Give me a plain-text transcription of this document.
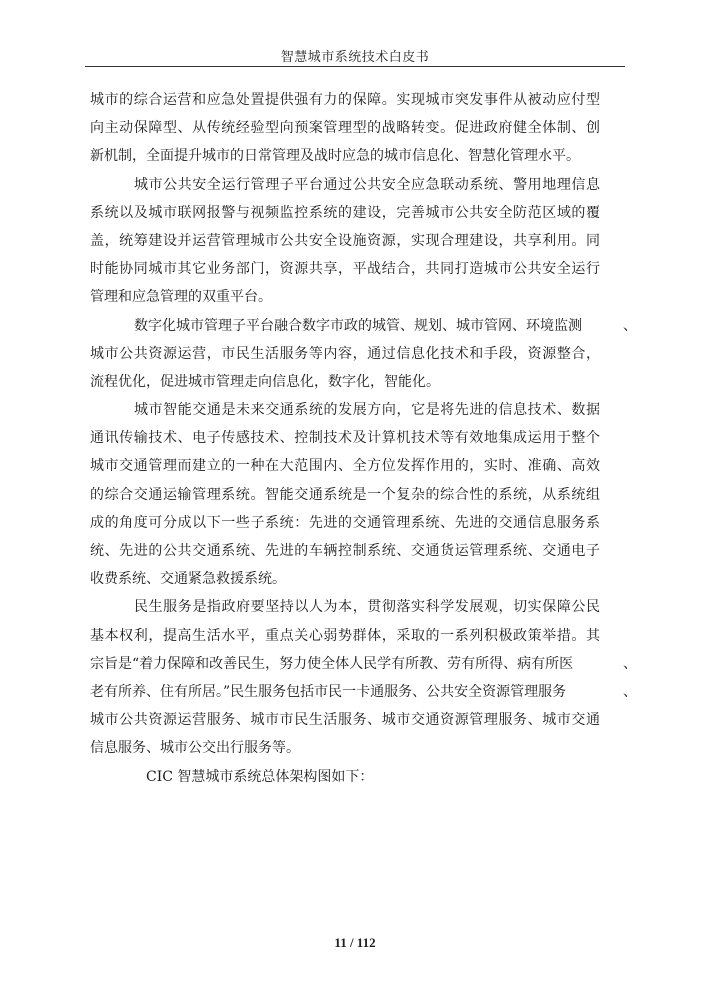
智慧城市系统技术白皮书
城市的综合运营和应急处置提供强有力的保障。实现城市突发事件从被动应付型
向主动保障型、从传统经验型向预案管理型的战略转变。促进政府健全体制、创
新机制，全面提升城市的日常管理及战时应急的城市信息化、智慧化管理水平。
城市公共安全运行管理子平台通过公共安全应急联动系统、警用地理信息
系统以及城市联网报警与视频监控系统的建设，完善城市公共安全防范区域的覆
盖，统筹建设并运营管理城市公共安全设施资源，实现合理建设，共享利用。同
时能协同城市其它业务部门，资源共享，平战结合，共同打造城市公共安全运行
管理和应急管理的双重平台。
数字化城市管理子平台融合数字市政的城管、规划、城市管网、环境监测	、
城市公共资源运营，市民生活服务等内容，通过信息化技术和手段，资源整合，
流程优化，促进城市管理走向信息化，数字化，智能化。
城市智能交通是未来交通系统的发展方向，它是将先进的信息技术、数据
通讯传输技术、电子传感技术、控制技术及计算机技术等有效地集成运用于整个
城市交通管理而建立的一种在大范围内、全方位发挥作用的，实时、准确、高效
的综合交通运输管理系统。智能交通系统是一个复杂的综合性的系统，从系统组
成的角度可分成以下一些子系统：先进的交通管理系统、先进的交通信息服务系
统、先进的公共交通系统、先进的车辆控制系统、交通货运管理系统、交通电子
收费系统、交通紧急救援系统。
民生服务是指政府要坚持以人为本，贯彻落实科学发展观，切实保障公民
基本权利，提高生活水平，重点关心弱势群体，采取的一系列积极政策举措。其
宗旨是“着力保障和改善民生，努力使全体人民学有所教、劳有所得、病有所医	、
老有所养、住有所居。”民生服务包括市民一卡通服务、公共安全资源管理服务	、
城市公共资源运营服务、城市市民生活服务、城市交通资源管理服务、城市交通
信息服务、城市公交出行服务等。
CIC 智慧城市系统总体架构图如下：
11 / 112
